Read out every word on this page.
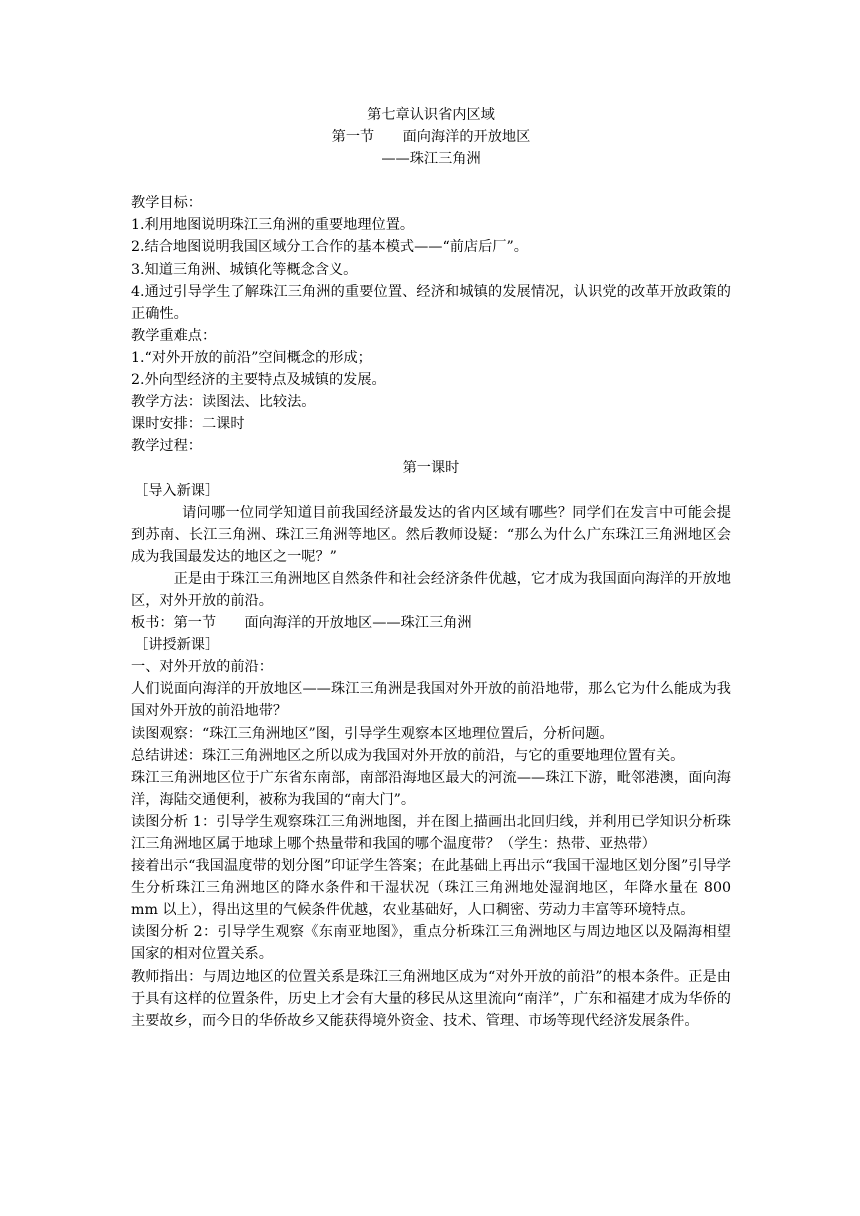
第七章认识省内区域

第一节　　面向海洋的开放地区

——珠江三角洲

教学目标：

1.利用地图说明珠江三角洲的重要地理位置。

2.结合地图说明我国区域分工合作的基本模式——“前店后厂”。

3.知道三角洲、城镇化等概念含义。

4.通过引导学生了解珠江三角洲的重要位置、经济和城镇的发展情况，认识党的改革开放政策的正确性。

教学重难点：

1.“对外开放的前沿”空间概念的形成；

2.外向型经济的主要特点及城镇的发展。

教学方法：读图法、比较法。

课时安排：二课时

教学过程：

第一课时

［导入新课］

请问哪一位同学知道目前我国经济最发达的省内区域有哪些？同学们在发言中可能会提到苏南、长江三角洲、珠江三角洲等地区。然后教师设疑：“那么为什么广东珠江三角洲地区会成为我国最发达的地区之一呢？”

正是由于珠江三角洲地区自然条件和社会经济条件优越，它才成为我国面向海洋的开放地区，对外开放的前沿。

板书：第一节　　面向海洋的开放地区——珠江三角洲

［讲授新课］

一、对外开放的前沿：

人们说面向海洋的开放地区——珠江三角洲是我国对外开放的前沿地带，那么它为什么能成为我国对外开放的前沿地带？

读图观察：“珠江三角洲地区”图，引导学生观察本区地理位置后，分析问题。

总结讲述：珠江三角洲地区之所以成为我国对外开放的前沿，与它的重要地理位置有关。

珠江三角洲地区位于广东省东南部，南部沿海地区最大的河流——珠江下游，毗邻港澳，面向海洋，海陆交通便利，被称为我国的“南大门”。

读图分析 1：引导学生观察珠江三角洲地图，并在图上描画出北回归线，并利用已学知识分析珠江三角洲地区属于地球上哪个热量带和我国的哪个温度带？（学生：热带、亚热带）

接着出示“我国温度带的划分图”印证学生答案；在此基础上再出示“我国干湿地区划分图”引导学生分析珠江三角洲地区的降水条件和干湿状况（珠江三角洲地处湿润地区，年降水量在 800 mm 以上），得出这里的气候条件优越，农业基础好，人口稠密、劳动力丰富等环境特点。

读图分析 2：引导学生观察《东南亚地图》，重点分析珠江三角洲地区与周边地区以及隔海相望国家的相对位置关系。

教师指出：与周边地区的位置关系是珠江三角洲地区成为“对外开放的前沿”的根本条件。正是由于具有这样的位置条件，历史上才会有大量的移民从这里流向“南洋”，广东和福建才成为华侨的主要故乡，而今日的华侨故乡又能获得境外资金、技术、管理、市场等现代经济发展条件。
